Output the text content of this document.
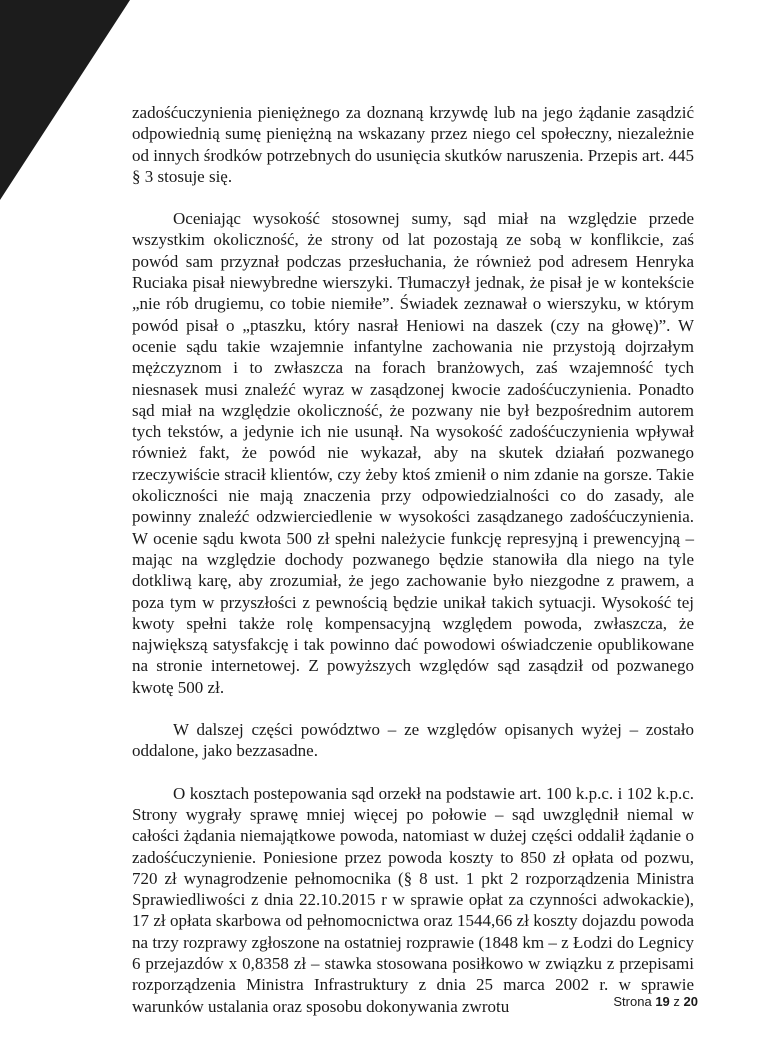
zadośćuczynienia pieniężnego za doznaną krzywdę lub na jego żądanie zasądzić odpowiednią sumę pieniężną na wskazany przez niego cel społeczny, niezależnie od innych środków potrzebnych do usunięcia skutków naruszenia. Przepis art. 445 § 3 stosuje się.

Oceniając wysokość stosownej sumy, sąd miał na względzie przede wszystkim okoliczność, że strony od lat pozostają ze sobą w konflikcie, zaś powód sam przyznał podczas przesłuchania, że również pod adresem Henryka Ruciaka pisał niewybredne wierszyki. Tłumaczył jednak, że pisał je w kontekście „nie rób drugiemu, co tobie niemiłe”. Świadek zeznawał o wierszyku, w którym powód pisał o „ptaszku, który nasrał Heniowi na daszek (czy na głowę)”. W ocenie sądu takie wzajemnie infantylne zachowania nie przystoją dojrzałym mężczyznom i to zwłaszcza na forach branżowych, zaś wzajemność tych niesnasek musi znaleźć wyraz w zasądzonej kwocie zadośćuczynienia. Ponadto sąd miał na względzie okoliczność, że pozwany nie był bezpośrednim autorem tych tekstów, a jedynie ich nie usunął. Na wysokość zadośćuczynienia wpływał również fakt, że powód nie wykazał, aby na skutek działań pozwanego rzeczywiście stracił klientów, czy żeby ktoś zmienił o nim zdanie na gorsze. Takie okoliczności nie mają znaczenia przy odpowiedzialności co do zasady, ale powinny znaleźć odzwierciedlenie w wysokości zasądzanego zadośćuczynienia. W ocenie sądu kwota 500 zł spełni należycie funkcję represyjną i prewencyjną – mając na względzie dochody pozwanego będzie stanowiła dla niego na tyle dotkliwą karę, aby zrozumiał, że jego zachowanie było niezgodne z prawem, a poza tym w przyszłości z pewnością będzie unikał takich sytuacji. Wysokość tej kwoty spełni także rolę kompensacyjną względem powoda, zwłaszcza, że największą satysfakcję i tak powinno dać powodowi oświadczenie opublikowane na stronie internetowej. Z powyższych względów sąd zasądził od pozwanego kwotę 500 zł.

W dalszej części powództwo – ze względów opisanych wyżej – zostało oddalone, jako bezzasadne.

O kosztach postepowania sąd orzekł na podstawie art. 100 k.p.c. i 102 k.p.c. Strony wygrały sprawę mniej więcej po połowie – sąd uwzględnił niemal w całości żądania niemajątkowe powoda, natomiast w dużej części oddalił żądanie o zadośćuczynienie. Poniesione przez powoda koszty to 850 zł opłata od pozwu, 720 zł wynagrodzenie pełnomocnika (§ 8 ust. 1 pkt 2 rozporządzenia Ministra Sprawiedliwości z dnia 22.10.2015 r w sprawie opłat za czynności adwokackie), 17 zł opłata skarbowa od pełnomocnictwa oraz 1544,66 zł koszty dojazdu powoda na trzy rozprawy zgłoszone na ostatniej rozprawie (1848 km – z Łodzi do Legnicy 6 przejazdów x 0,8358 zł – stawka stosowana posiłkowo w związku z przepisami rozporządzenia Ministra Infrastruktury z dnia 25 marca 2002 r. w sprawie warunków ustalania oraz sposobu dokonywania zwrotu	Strona 19 z 20
